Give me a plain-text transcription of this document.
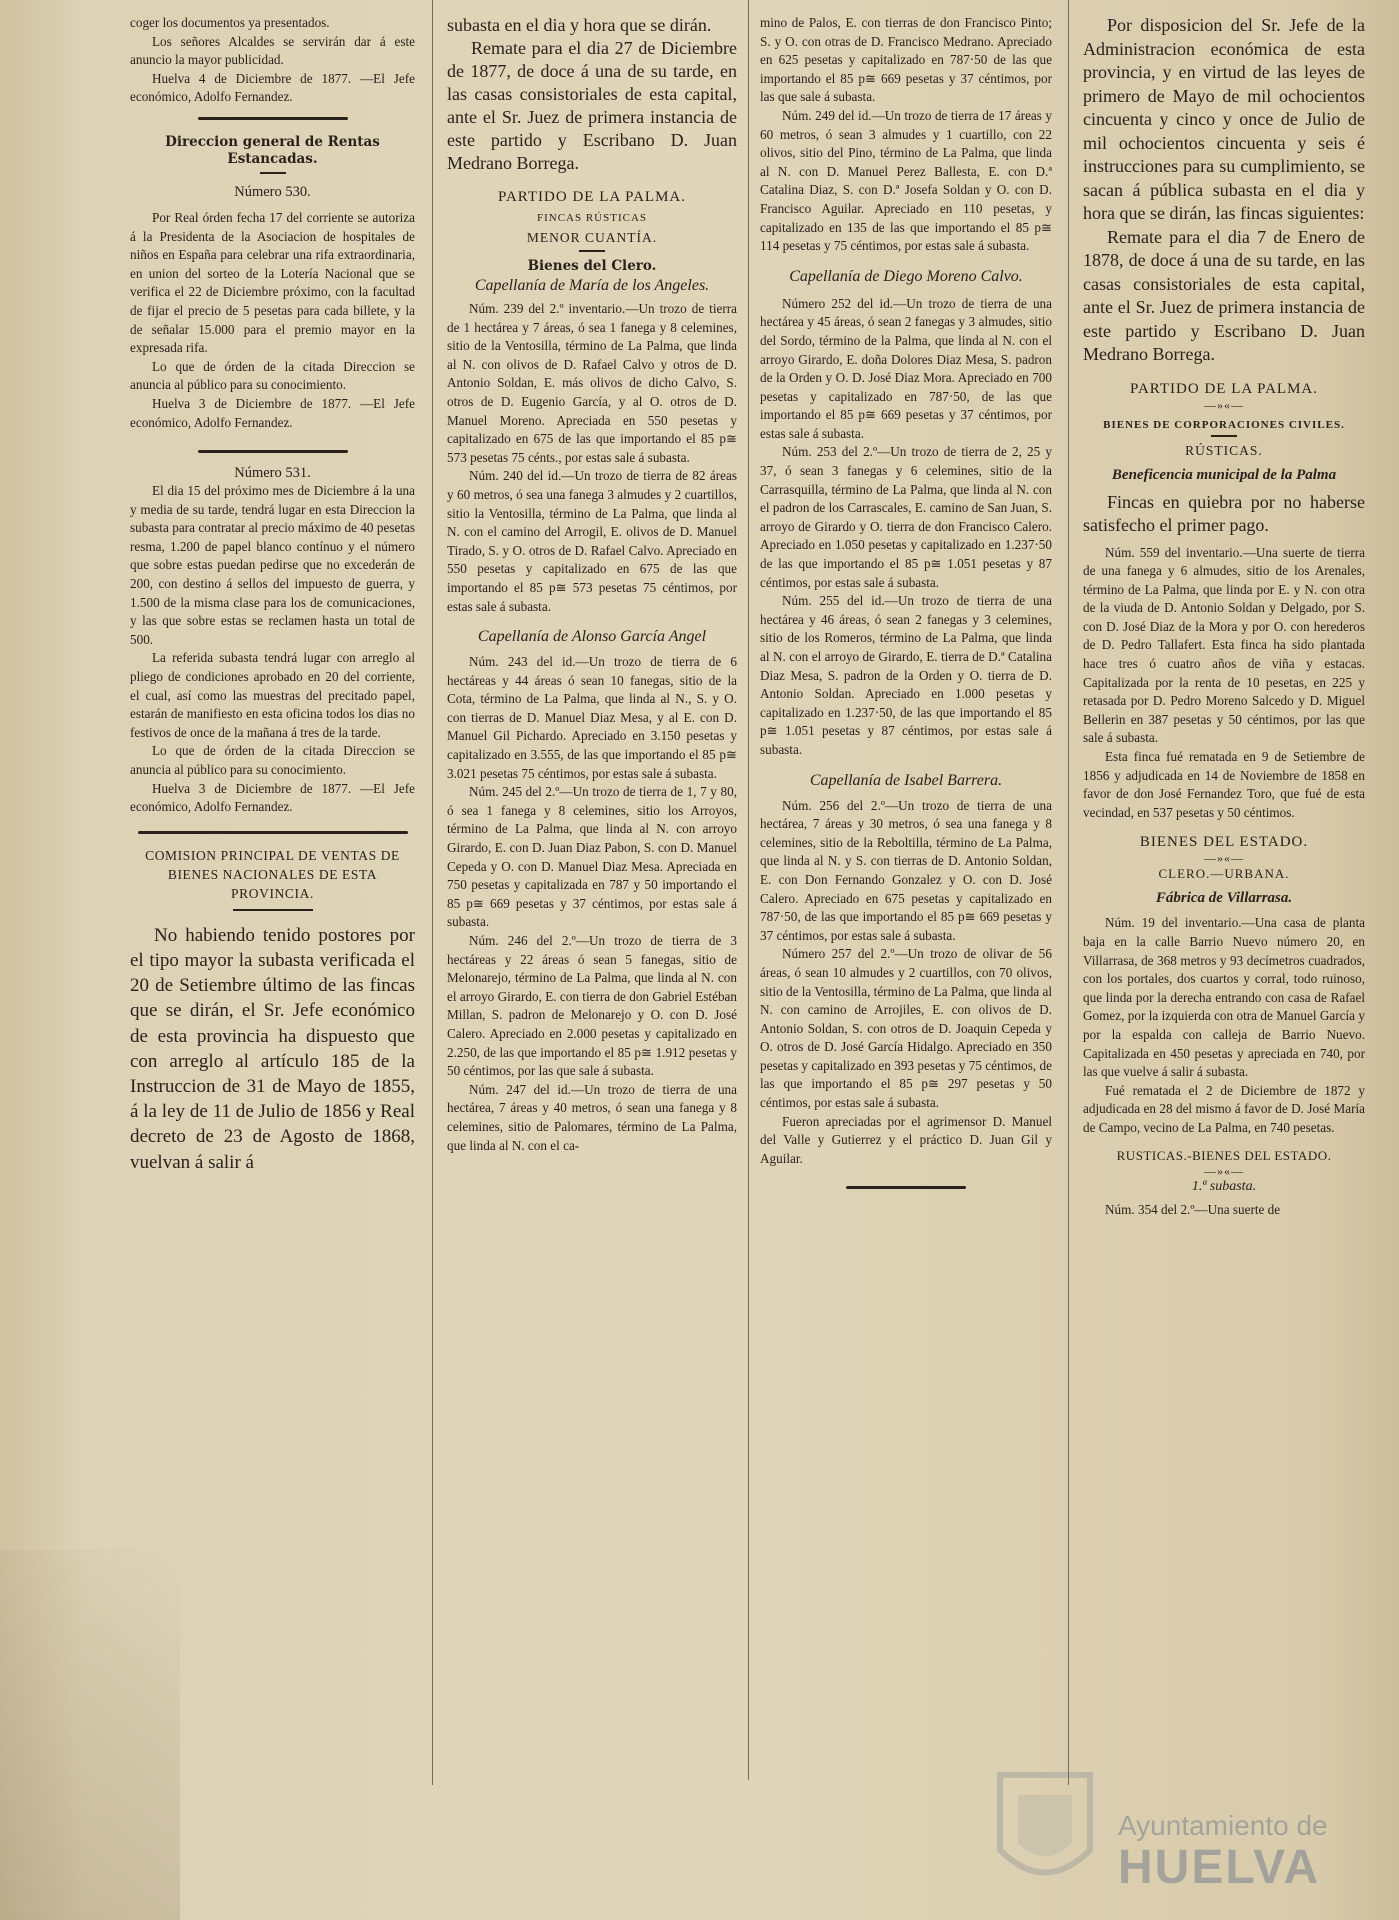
coger los documentos ya presentados.

Los señores Alcaldes se servirán dar á este anuncio la mayor publicidad.

Huelva 4 de Diciembre de 1877. —El Jefe económico, Adolfo Fernandez.

Direccion general de Rentas Estancadas.

Número 530.

Por Real órden fecha 17 del corriente se autoriza á la Presidenta de la Asociacion de hospitales de niños en España para celebrar una rifa extraordinaria, en union del sorteo de la Lotería Nacional que se verifica el 22 de Diciembre próximo, con la facultad de fijar el precio de 5 pesetas para cada billete, y la de señalar 15.000 para el premio mayor en la expresada rifa.

Lo que de órden de la citada Direccion se anuncia al público para su conocimiento.

Huelva 3 de Diciembre de 1877. —El Jefe económico, Adolfo Fernandez.

Número 531.

El dia 15 del próximo mes de Diciembre á la una y media de su tarde, tendrá lugar en esta Direccion la subasta para contratar al precio máximo de 40 pesetas resma, 1.200 de papel blanco contínuo y el número que sobre estas puedan pedirse que no excederán de 200, con destino á sellos del impuesto de guerra, y 1.500 de la misma clase para los de comunicaciones, y las que sobre estas se reclamen hasta un total de 500.

La referida subasta tendrá lugar con arreglo al pliego de condiciones aprobado en 20 del corriente, el cual, así como las muestras del precitado papel, estarán de manifiesto en esta oficina todos los dias no festivos de once de la mañana á tres de la tarde.

Lo que de órden de la citada Direccion se anuncia al público para su conocimiento.

Huelva 3 de Diciembre de 1877. —El Jefe económico, Adolfo Fernandez.

COMISION PRINCIPAL DE VENTAS DE BIENES NACIONALES DE ESTA PROVINCIA.

No habiendo tenido postores por el tipo mayor la subasta verificada el 20 de Setiembre último de las fincas que se dirán, el Sr. Jefe económico de esta provincia ha dispuesto que con arreglo al artículo 185 de la Instruccion de 31 de Mayo de 1855, á la ley de 11 de Julio de 1856 y Real decreto de 23 de Agosto de 1868, vuelvan á salir á

subasta en el dia y hora que se dirán.

Remate para el dia 27 de Diciembre de 1877, de doce á una de su tarde, en las casas consistoriales de esta capital, ante el Sr. Juez de primera instancia de este partido y Escribano D. Juan Medrano Borrega.

PARTIDO DE LA PALMA.

FINCAS RÚSTICAS

MENOR CUANTÍA.

Bienes del Clero.

Capellanía de María de los Angeles.

Núm. 239 del 2.º inventario.—Un trozo de tierra de 1 hectárea y 7 áreas, ó sea 1 fanega y 8 celemines, sitio de la Ventosilla, término de La Palma, que linda al N. con olivos de D. Rafael Calvo y otros de D. Antonio Soldan, E. más olivos de dicho Calvo, S. otros de D. Eugenio García, y al O. otros de D. Manuel Moreno. Apreciada en 550 pesetas y capitalizado en 675 de las que importando el 85 p≅ 573 pesetas 75 cénts., por estas sale á subasta.

Núm. 240 del id.—Un trozo de tierra de 82 áreas y 60 metros, ó sea una fanega 3 almudes y 2 cuartillos, sitio la Ventosilla, término de La Palma, que linda al N. con el camino del Arrogil, E. olivos de D. Manuel Tirado, S. y O. otros de D. Rafael Calvo. Apreciado en 550 pesetas y capitalizado en 675 de las que importando el 85 p≅ 573 pesetas 75 céntimos, por estas sale á subasta.

Capellanía de Alonso García Angel

Núm. 243 del id.—Un trozo de tierra de 6 hectáreas y 44 áreas ó sean 10 fanegas, sitio de la Cota, término de La Palma, que linda al N., S. y O. con tierras de D. Manuel Diaz Mesa, y al E. con D. Manuel Gil Pichardo. Apreciado en 3.150 pesetas y capitalizado en 3.555, de las que importando el 85 p≅ 3.021 pesetas 75 céntimos, por estas sale á subasta.

Núm. 245 del 2.º—Un trozo de tierra de 1, 7 y 80, ó sea 1 fanega y 8 celemines, sitio los Arroyos, término de La Palma, que linda al N. con arroyo Girardo, E. con D. Juan Diaz Pabon, S. con D. Manuel Cepeda y O. con D. Manuel Diaz Mesa. Apreciada en 750 pesetas y capitalizada en 787 y 50 importando el 85 p≅ 669 pesetas y 37 céntimos, por estas sale á subasta.

Núm. 246 del 2.º—Un trozo de tierra de 3 hectáreas y 22 áreas ó sean 5 fanegas, sitio de Melonarejo, término de La Palma, que linda al N. con el arroyo Girardo, E. con tierra de don Gabriel Estéban Millan, S. padron de Melonarejo y O. con D. José Calero. Apreciado en 2.000 pesetas y capitalizado en 2.250, de las que importando el 85 p≅ 1.912 pesetas y 50 céntimos, por las que sale á subasta.

Núm. 247 del id.—Un trozo de tierra de una hectárea, 7 áreas y 40 metros, ó sean una fanega y 8 celemines, sitio de Palomares, término de La Palma, que linda al N. con el ca-

mino de Palos, E. con tierras de don Francisco Pinto; S. y O. con otras de D. Francisco Medrano. Apreciado en 625 pesetas y capitalizado en 787·50 de las que importando el 85 p≅ 669 pesetas y 37 céntimos, por las que sale á subasta.

Núm. 249 del id.—Un trozo de tierra de 17 áreas y 60 metros, ó sean 3 almudes y 1 cuartillo, con 22 olivos, sitio del Pino, término de La Palma, que linda al N. con D. Manuel Perez Ballesta, E. con D.ª Catalina Diaz, S. con D.ª Josefa Soldan y O. con D. Francisco Aguilar. Apreciado en 110 pesetas, y capitalizado en 135 de las que importando el 85 p≅ 114 pesetas y 75 céntimos, por estas sale á subasta.

Capellanía de Diego Moreno Calvo.

Número 252 del id.—Un trozo de tierra de una hectárea y 45 áreas, ó sean 2 fanegas y 3 almudes, sitio del Sordo, término de la Palma, que linda al N. con el arroyo Girardo, E. doña Dolores Diaz Mesa, S. padron de la Orden y O. D. José Diaz Mora. Apreciado en 700 pesetas y capitalizado en 787·50, de las que importando el 85 p≅ 669 pesetas y 37 céntimos, por estas sale á subasta.

Núm. 253 del 2.º—Un trozo de tierra de 2, 25 y 37, ó sean 3 fanegas y 6 celemines, sitio de la Carrasquilla, término de La Palma, que linda al N. con el padron de los Carrascales, E. camino de San Juan, S. arroyo de Girardo y O. tierra de don Francisco Calero. Apreciado en 1.050 pesetas y capitalizado en 1.237·50 de las que importando el 85 p≅ 1.051 pesetas y 87 céntimos, por estas sale á subasta.

Núm. 255 del id.—Un trozo de tierra de una hectárea y 46 áreas, ó sean 2 fanegas y 3 celemines, sitio de los Romeros, término de La Palma, que linda al N. con el arroyo de Girardo, E. tierra de D.ª Catalina Diaz Mesa, S. padron de la Orden y O. tierra de D. Antonio Soldan. Apreciado en 1.000 pesetas y capitalizado en 1.237·50, de las que importando el 85 p≅ 1.051 pesetas y 87 céntimos, por estas sale á subasta.

Capellanía de Isabel Barrera.

Núm. 256 del 2.º—Un trozo de tierra de una hectárea, 7 áreas y 30 metros, ó sea una fanega y 8 celemines, sitio de la Reboltilla, término de La Palma, que linda al N. y S. con tierras de D. Antonio Soldan, E. con Don Fernando Gonzalez y O. con D. José Calero. Apreciado en 675 pesetas y capitalizado en 787·50, de las que importando el 85 p≅ 669 pesetas y 37 céntimos, por estas sale á subasta.

Número 257 del 2.º—Un trozo de olivar de 56 áreas, ó sean 10 almudes y 2 cuartillos, con 70 olivos, sitio de la Ventosilla, término de La Palma, que linda al N. con camino de Arrojiles, E. con olivos de D. Antonio Soldan, S. con otros de D. Joaquin Cepeda y O. otros de D. José García Hidalgo. Apreciado en 350 pesetas y capitalizado en 393 pesetas y 75 céntimos, de las que importando el 85 p≅ 297 pesetas y 50 céntimos, por estas sale á subasta.

Fueron apreciadas por el agrimensor D. Manuel del Valle y Gutierrez y el práctico D. Juan Gil y Aguilar.

Por disposicion del Sr. Jefe de la Administracion económica de esta provincia, y en virtud de las leyes de primero de Mayo de mil ochocientos cincuenta y cinco y once de Julio de mil ochocientos cincuenta y seis é instrucciones para su cumplimiento, se sacan á pública subasta en el dia y hora que se dirán, las fincas siguientes:

Remate para el dia 7 de Enero de 1878, de doce á una de su tarde, en las casas consistoriales de esta capital, ante el Sr. Juez de primera instancia de este partido y Escribano D. Juan Medrano Borrega.

PARTIDO DE LA PALMA.

—»«—

BIENES DE CORPORACIONES CIVILES.

RÚSTICAS.

Beneficencia municipal de la Palma

Fincas en quiebra por no haberse satisfecho el primer pago.

Núm. 559 del inventario.—Una suerte de tierra de una fanega y 6 almudes, sitio de los Arenales, término de La Palma, que linda por E. y N. con otra de la viuda de D. Antonio Soldan y Delgado, por S. con D. José Diaz de la Mora y por O. con herederos de D. Pedro Tallafert. Esta finca ha sido plantada hace tres ó cuatro años de viña y estacas. Capitalizada por la renta de 10 pesetas, en 225 y retasada por D. Pedro Moreno Salcedo y D. Miguel Bellerin en 387 pesetas y 50 céntimos, por las que sale á subasta.

Esta finca fué rematada en 9 de Setiembre de 1856 y adjudicada en 14 de Noviembre de 1858 en favor de don José Fernandez Toro, que fué de esta vecindad, en 537 pesetas y 50 céntimos.

BIENES DEL ESTADO.

—»«—

CLERO.—URBANA.

Fábrica de Villarrasa.

Núm. 19 del inventario.—Una casa de planta baja en la calle Barrio Nuevo número 20, en Villarrasa, de 368 metros y 93 decímetros cuadrados, con los portales, dos cuartos y corral, todo ruinoso, que linda por la derecha entrando con casa de Rafael Gomez, por la izquierda con otra de Manuel García y por la espalda con calleja de Barrio Nuevo. Capitalizada en 450 pesetas y apreciada en 740, por las que vuelve á salir á subasta.

Fué rematada el 2 de Diciembre de 1872 y adjudicada en 28 del mismo á favor de D. José María de Campo, vecino de La Palma, en 740 pesetas.

RUSTICAS.-BIENES DEL ESTADO.

—»«—

1.ª subasta.

Núm. 354 del 2.º—Una suerte de

Ayuntamiento de
HUELVA
